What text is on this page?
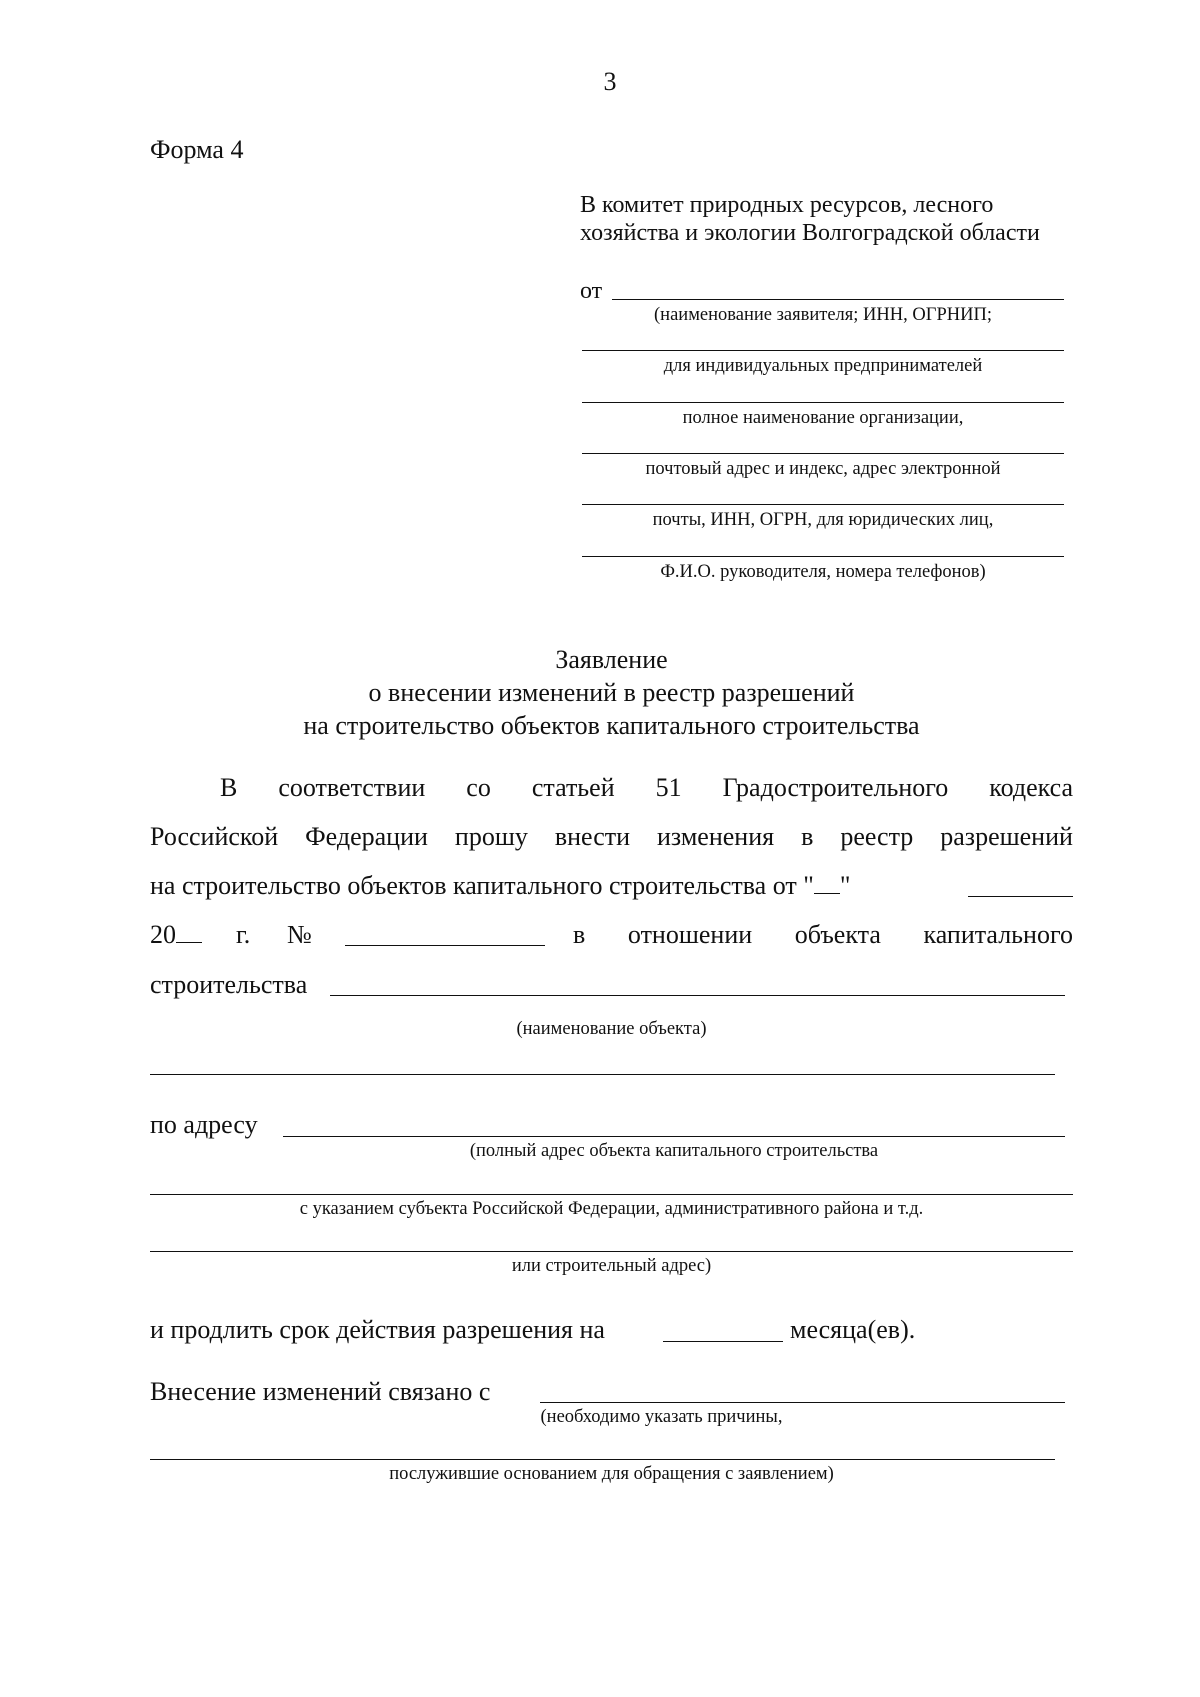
3
Форма 4
В комитет природных ресурсов, лесного
хозяйства и экологии Волгоградской области
от
(наименование заявителя; ИНН, ОГРНИП;
для индивидуальных предпринимателей
полное наименование организации,
почтовый адрес и индекс, адрес электронной
почты, ИНН, ОГРН, для юридических лиц,
Ф.И.О. руководителя, номера телефонов)
Заявление
о внесении изменений в реестр разрешений
на строительство объектов капитального строительства
В соответствии со статьей 51 Градостроительного кодекса
Российской Федерации прошу внести изменения в реестр разрешений
на строительство объектов капитального строительства от " "
20	г. №	в отношении объекта капитального
строительства
(наименование объекта)
по адресу
(полный адрес объекта капитального строительства
с указанием субъекта Российской Федерации, административного района и т.д.
или строительный адрес)
и продлить срок действия разрешения на	месяца(ев).
Внесение изменений связано с
(необходимо указать причины,
послужившие основанием для обращения с заявлением)
